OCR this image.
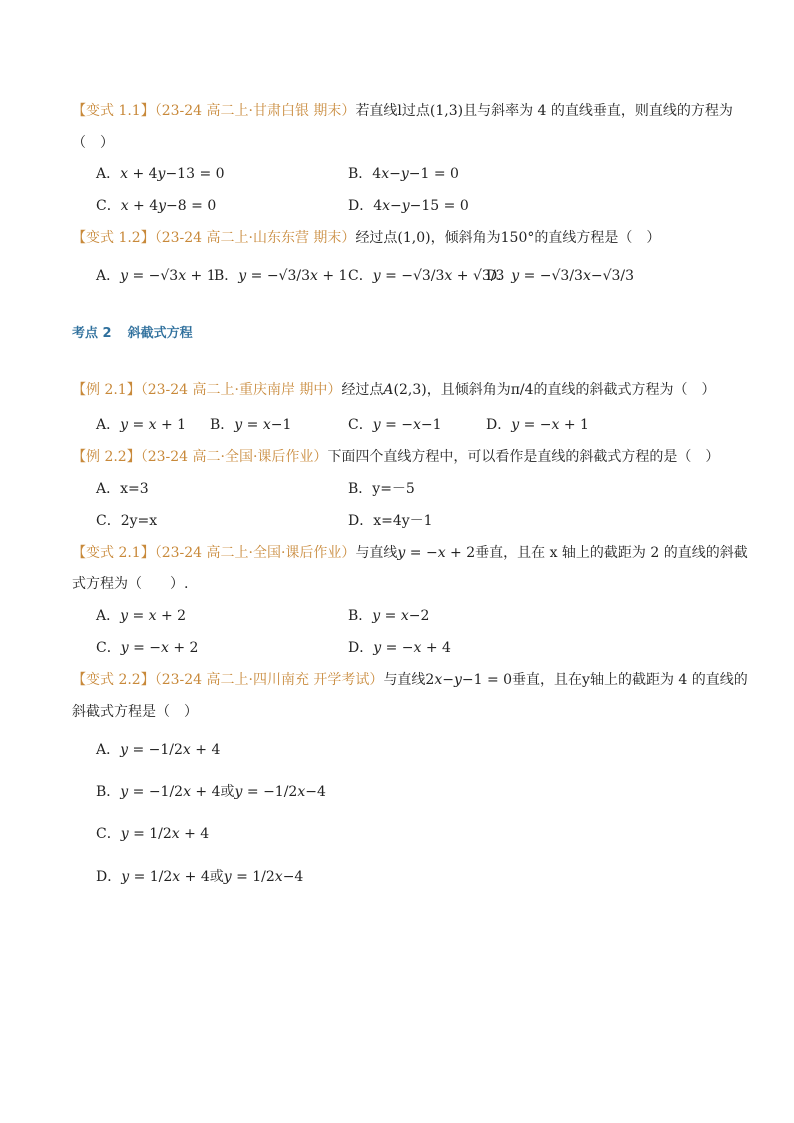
【变式 1.1】（23-24 高二上·甘肃白银 期末）若直线l过点(1,3)且与斜率为 4 的直线垂直，则直线的方程为
（　）
A．𝑥 + 4𝑦−13 = 0	B．4𝑥−𝑦−1 = 0
C．𝑥 + 4𝑦−8 = 0	D．4𝑥−𝑦−15 = 0
【变式 1.2】（23-24 高二上·山东东营 期末）经过点(1,0)，倾斜角为150°的直线方程是（　）
A．𝑦 = −√3𝑥 + 1
B．𝑦 = −√3/3𝑥 + 1 C．𝑦 = −√3/3𝑥 + √3/3
D．𝑦 = −√3/3𝑥−√3/3
考点 2 斜截式方程
【例 2.1】（23-24 高二上·重庆南岸 期中）经过点𝐴(2,3)，且倾斜角为π/4的直线的斜截式方程为（　）
A．𝑦 = 𝑥 + 1 B．𝑦 = 𝑥−1	C．𝑦 = −𝑥−1	D．𝑦 = −𝑥 + 1
【例 2.2】（23-24 高二·全国·课后作业）下面四个直线方程中，可以看作是直线的斜截式方程的是（　）
A．x=3	B．y=－5
C．2y=x	D．x=4y－1
【变式 2.1】（23-24 高二上·全国·课后作业）与直线𝑦 = −𝑥 + 2垂直，且在 x 轴上的截距为 2 的直线的斜截
式方程为（　　）.
A．𝑦 = 𝑥 + 2	B．𝑦 = 𝑥−2
C．𝑦 = −𝑥 + 2	D．𝑦 = −𝑥 + 4
【变式 2.2】（23-24 高二上·四川南充 开学考试）与直线2𝑥−𝑦−1 = 0垂直，且在y轴上的截距为 4 的直线的
斜截式方程是（　）
A．𝑦 = −1/2𝑥 + 4
B．𝑦 = −1/2𝑥 + 4或𝑦 = −1/2𝑥−4
C．𝑦 = 1/2𝑥 + 4
D．𝑦 = 1/2𝑥 + 4或𝑦 = 1/2𝑥−4
